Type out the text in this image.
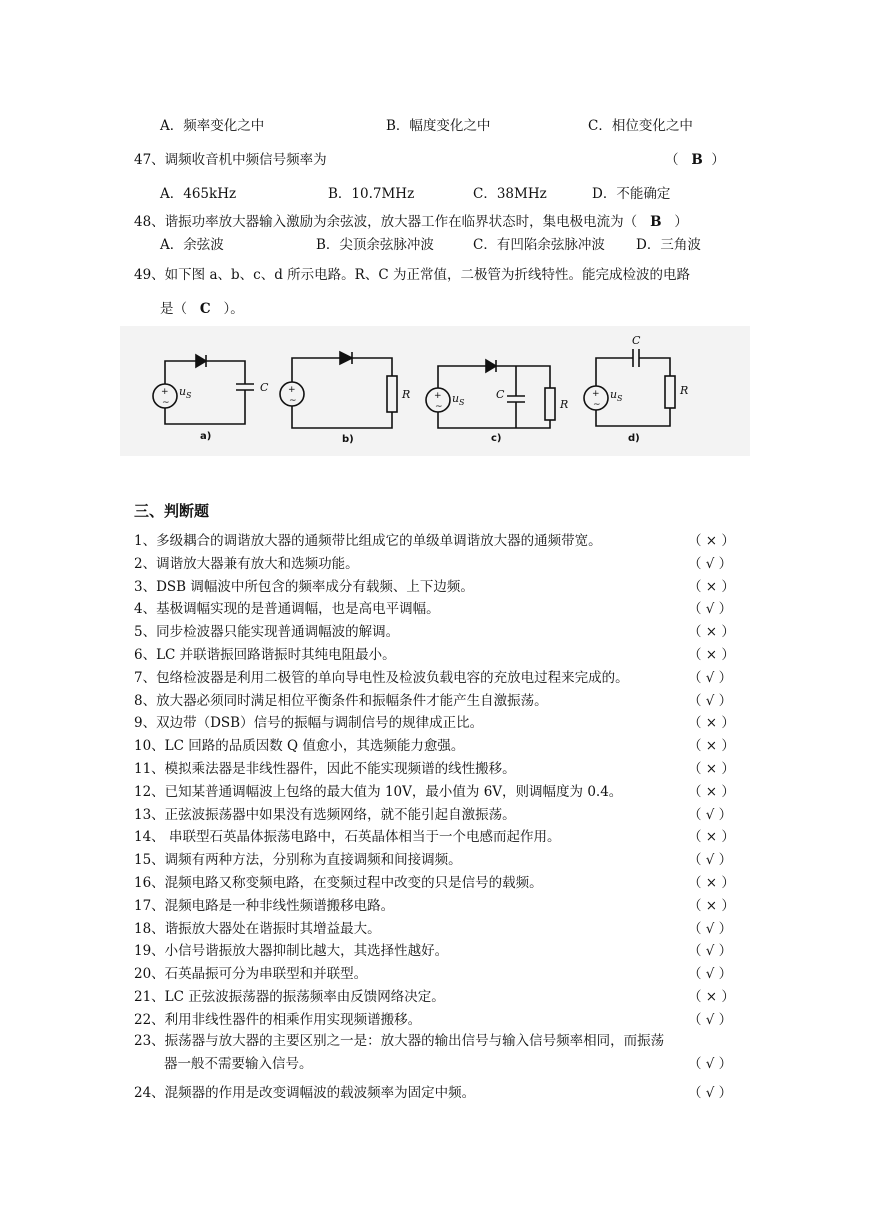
A．频率变化之中	B．幅度变化之中	C．相位变化之中
47、调频收音机中频信号频率为	（   B  ）
A．465kHz	B．10.7MHz	C．38MHz	D．不能确定
48、谐振功率放大器输入激励为余弦波，放大器工作在临界状态时，集电极电流为（ B   ）
A．余弦波	B．尖顶余弦脉冲波	C．有凹陷余弦脉冲波 D．三角波
49、如下图 a、b、c、d 所示电路。R、C 为正常值，二极管为折线特性。能完成检波的电路
是（ C ）。
+
~
+
~	+
~
+
~
u S
C
R	u S
C
R
u S
C
R
a)	b)	c)	d)
三、判断题
1、多级耦合的调谐放大器的通频带比组成它的单级单调谐放大器的通频带宽。	（ × ）
2、调谐放大器兼有放大和选频功能。	（ √ ）
3、DSB 调幅波中所包含的频率成分有载频、上下边频。	（ × ）
4、基极调幅实现的是普通调幅，也是高电平调幅。	（ √ ）
5、同步检波器只能实现普通调幅波的解调。	（ × ）
6、LC 并联谐振回路谐振时其纯电阻最小。	（ × ）
7、包络检波器是利用二极管的单向导电性及检波负载电容的充放电过程来完成的。	（ √ ）
8、放大器必须同时满足相位平衡条件和振幅条件才能产生自激振荡。	（ √ ）
9、双边带（DSB）信号的振幅与调制信号的规律成正比。	（ × ）
10、LC 回路的品质因数 Q 值愈小，其选频能力愈强。	（ × ）
11、模拟乘法器是非线性器件，因此不能实现频谱的线性搬移。	（ × ）
12、已知某普通调幅波上包络的最大值为 10V，最小值为 6V，则调幅度为 0.4。	（ × ）
13、正弦波振荡器中如果没有选频网络，就不能引起自激振荡。	（ √ ）
14、 串联型石英晶体振荡电路中，石英晶体相当于一个电感而起作用。	（ × ）
15、调频有两种方法，分别称为直接调频和间接调频。	（ √ ）
16、混频电路又称变频电路，在变频过程中改变的只是信号的载频。	（ × ）
17、混频电路是一种非线性频谱搬移电路。	（ × ）
18、谐振放大器处在谐振时其增益最大。	（ √ ）
19、小信号谐振放大器抑制比越大，其选择性越好。	（ √ ）
20、石英晶振可分为串联型和并联型。	（ √ ）
21、LC 正弦波振荡器的振荡频率由反馈网络决定。	（ × ）
22、利用非线性器件的相乘作用实现频谱搬移。	（ √ ）
23、振荡器与放大器的主要区别之一是：放大器的输出信号与输入信号频率相同，而振荡
器一般不需要输入信号。	（ √ ）
24、混频器的作用是改变调幅波的载波频率为固定中频。	（ √ ）
